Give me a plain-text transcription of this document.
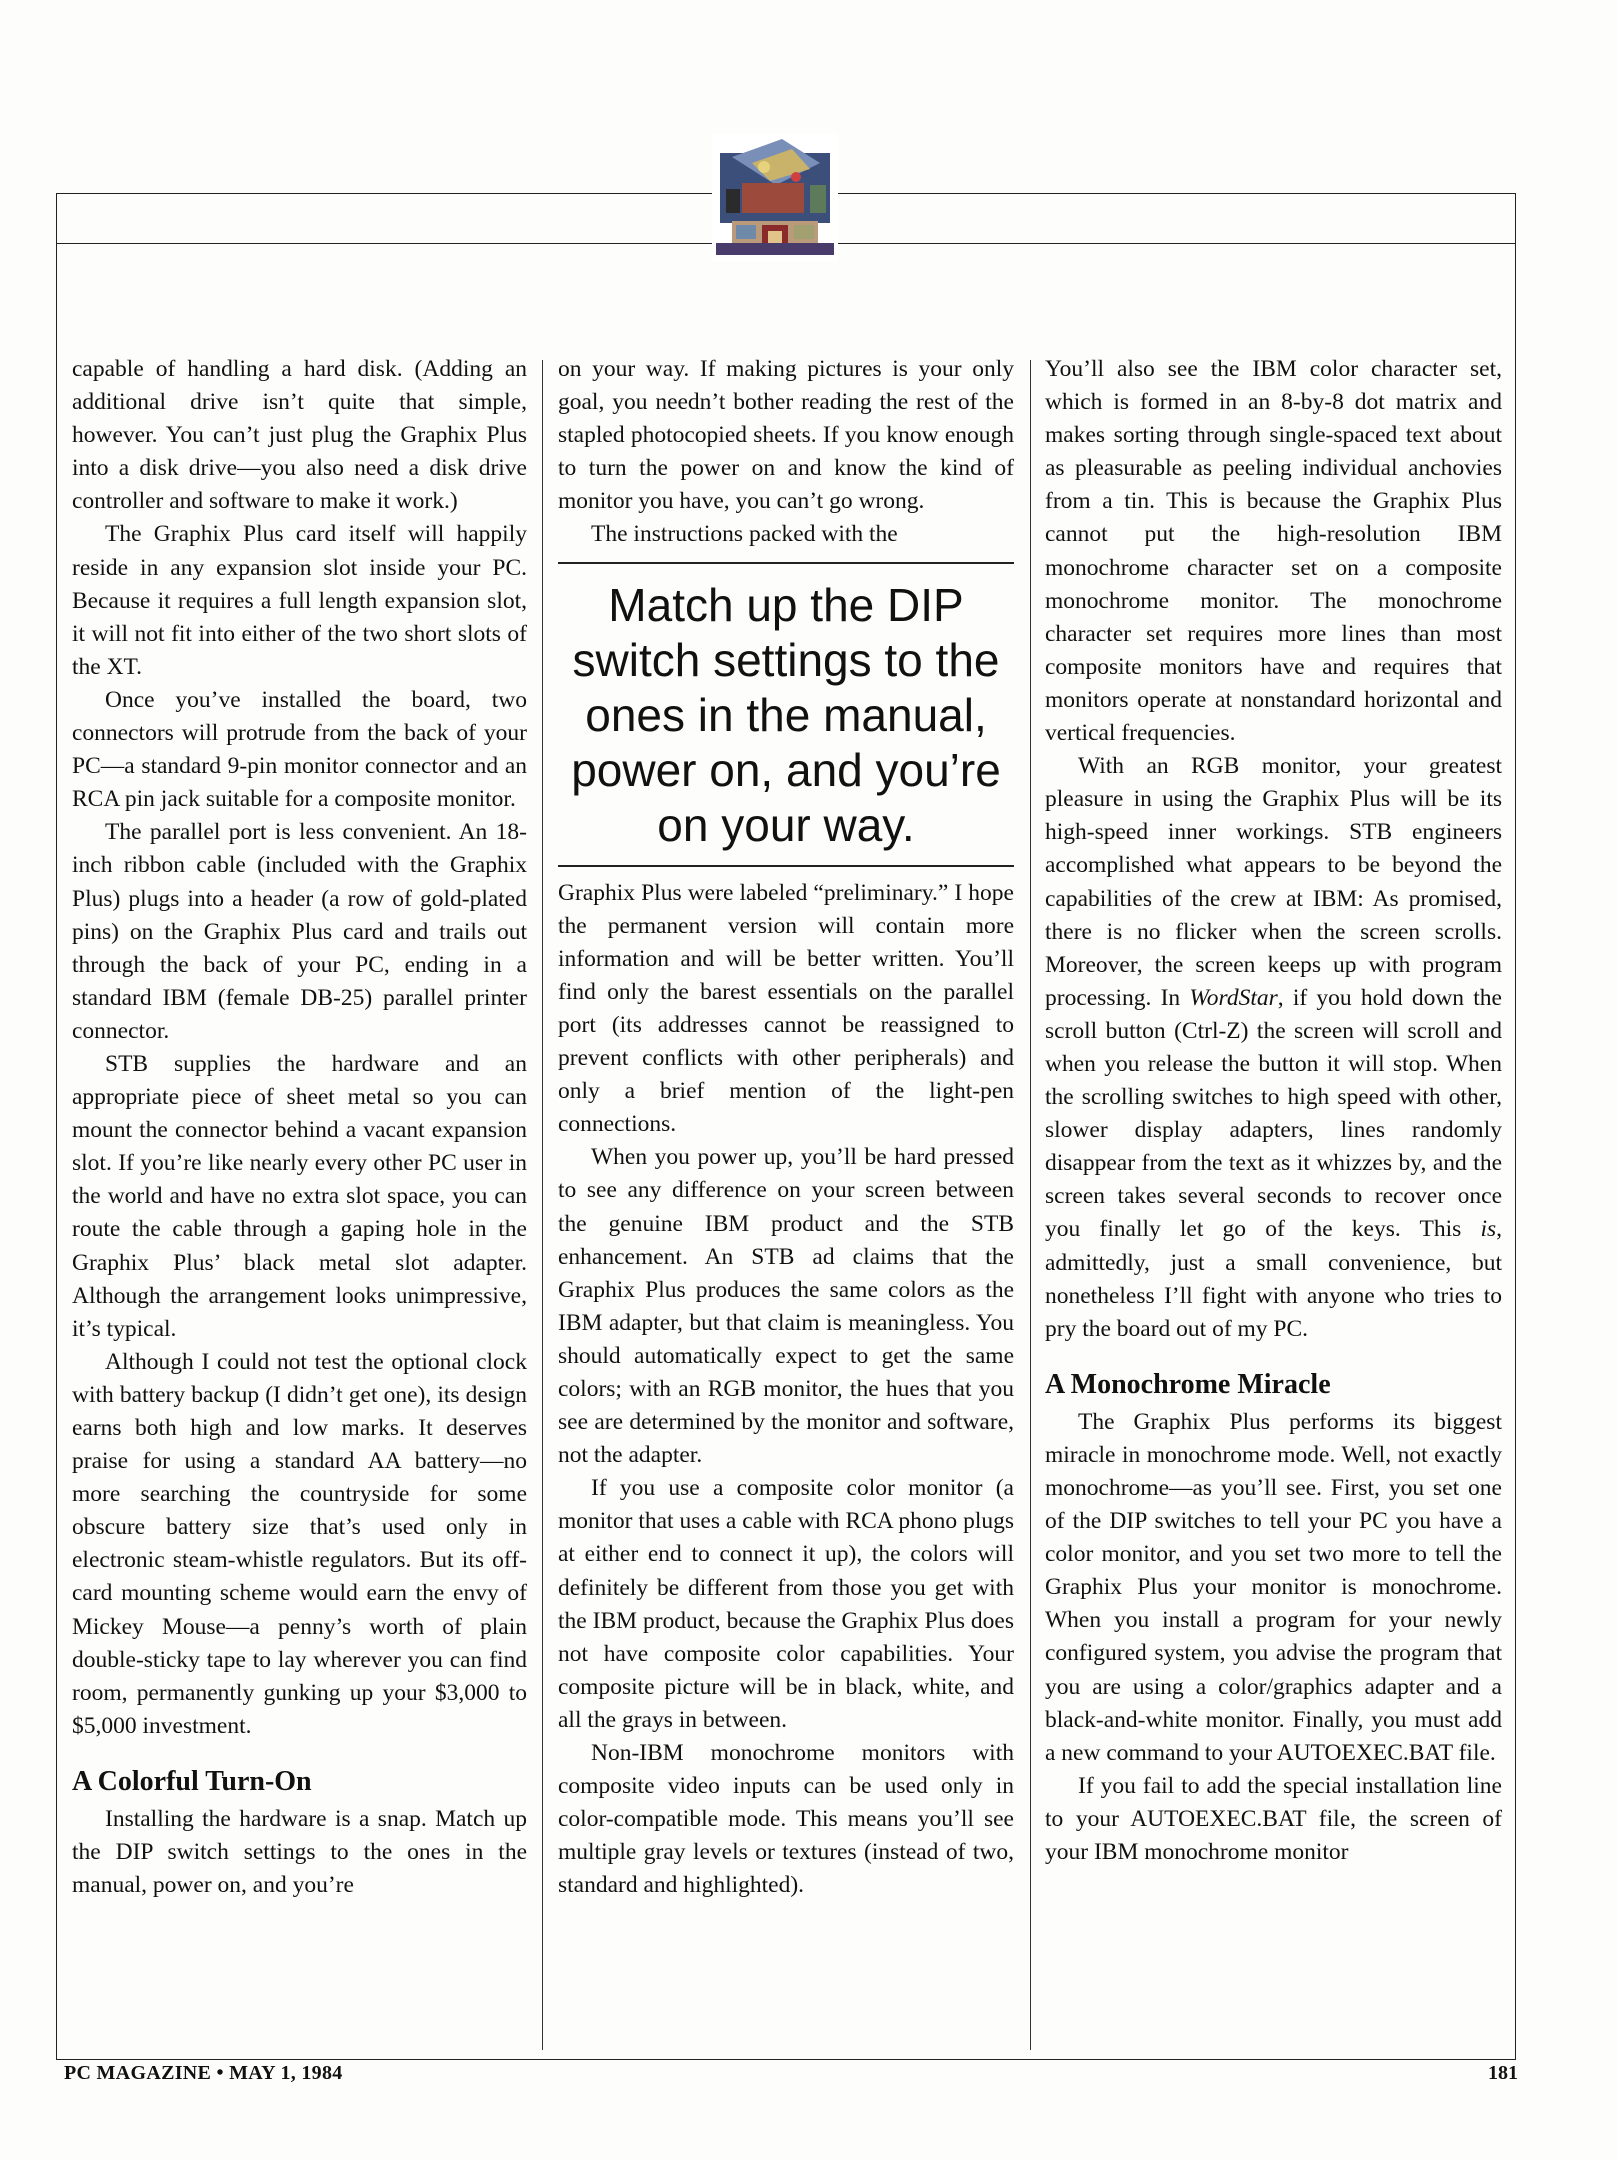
capable of handling a hard disk. (Adding an additional drive isn’t quite that simple, however. You can’t just plug the Graphix Plus into a disk drive—you also need a disk drive controller and software to make it work.)

The Graphix Plus card itself will happily reside in any expansion slot inside your PC. Because it requires a full length expansion slot, it will not fit into either of the two short slots of the XT.

Once you’ve installed the board, two connectors will protrude from the back of your PC—a standard 9-pin monitor connector and an RCA pin jack suitable for a composite monitor.

The parallel port is less convenient. An 18-inch ribbon cable (included with the Graphix Plus) plugs into a header (a row of gold-plated pins) on the Graphix Plus card and trails out through the back of your PC, ending in a standard IBM (female DB-25) parallel printer connector.

STB supplies the hardware and an appropriate piece of sheet metal so you can mount the connector behind a vacant expansion slot. If you’re like nearly every other PC user in the world and have no extra slot space, you can route the cable through a gaping hole in the Graphix Plus’ black metal slot adapter. Although the arrangement looks unimpressive, it’s typical.

Although I could not test the optional clock with battery backup (I didn’t get one), its design earns both high and low marks. It deserves praise for using a standard AA battery—no more searching the countryside for some obscure battery size that’s used only in electronic steam-whistle regulators. But its off-card mounting scheme would earn the envy of Mickey Mouse—a penny’s worth of plain double-sticky tape to lay wherever you can find room, permanently gunking up your $3,000 to $5,000 investment.

A Colorful Turn-On

Installing the hardware is a snap. Match up the DIP switch settings to the ones in the manual, power on, and you’re

on your way. If making pictures is your only goal, you needn’t bother reading the rest of the stapled photocopied sheets. If you know enough to turn the power on and know the kind of monitor you have, you can’t go wrong.

The instructions packed with the

Match up the DIP switch settings to the ones in the manual, power on, and you’re on your way.

Graphix Plus were labeled “preliminary.” I hope the permanent version will contain more information and will be better written. You’ll find only the barest essentials on the parallel port (its addresses cannot be reassigned to prevent conflicts with other peripherals) and only a brief mention of the light-pen connections.

When you power up, you’ll be hard pressed to see any difference on your screen between the genuine IBM product and the STB enhancement. An STB ad claims that the Graphix Plus produces the same colors as the IBM adapter, but that claim is meaningless. You should automatically expect to get the same colors; with an RGB monitor, the hues that you see are determined by the monitor and software, not the adapter.

If you use a composite color monitor (a monitor that uses a cable with RCA phono plugs at either end to connect it up), the colors will definitely be different from those you get with the IBM product, because the Graphix Plus does not have composite color capabilities. Your composite picture will be in black, white, and all the grays in between.

Non-IBM monochrome monitors with composite video inputs can be used only in color-compatible mode. This means you’ll see multiple gray levels or textures (instead of two, standard and highlighted).

You’ll also see the IBM color character set, which is formed in an 8-by-8 dot matrix and makes sorting through single-spaced text about as pleasurable as peeling individual anchovies from a tin. This is because the Graphix Plus cannot put the high-resolution IBM monochrome character set on a composite monochrome monitor. The monochrome character set requires more lines than most composite monitors have and requires that monitors operate at nonstandard horizontal and vertical frequencies.

With an RGB monitor, your greatest pleasure in using the Graphix Plus will be its high-speed inner workings. STB engineers accomplished what appears to be beyond the capabilities of the crew at IBM: As promised, there is no flicker when the screen scrolls. Moreover, the screen keeps up with program processing. In WordStar, if you hold down the scroll button (Ctrl-Z) the screen will scroll and when you release the button it will stop. When the scrolling switches to high speed with other, slower display adapters, lines randomly disappear from the text as it whizzes by, and the screen takes several seconds to recover once you finally let go of the keys. This is, admittedly, just a small convenience, but nonetheless I’ll fight with anyone who tries to pry the board out of my PC.

A Monochrome Miracle

The Graphix Plus performs its biggest miracle in monochrome mode. Well, not exactly monochrome—as you’ll see. First, you set one of the DIP switches to tell your PC you have a color monitor, and you set two more to tell the Graphix Plus your monitor is monochrome. When you install a program for your newly configured system, you advise the program that you are using a color/graphics adapter and a black-and-white monitor. Finally, you must add a new command to your AUTOEXEC.BAT file.

If you fail to add the special installation line to your AUTOEXEC.BAT file, the screen of your IBM monochrome monitor

PC MAGAZINE • MAY 1, 1984	181
